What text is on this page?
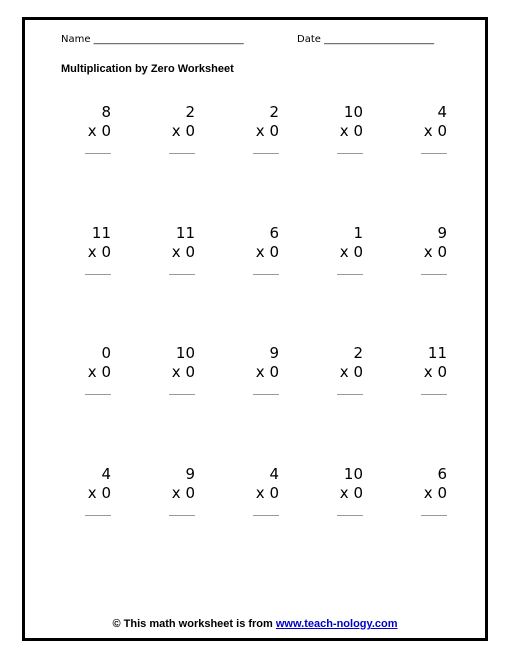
Name ______________________________	Date ______________________
Multiplication by Zero Worksheet
8
x 0
2
x 0
2
x 0
10
x 0
4
x 0
11
x 0
11
x 0
6
x 0
1
x 0
9
x 0
0
x 0
10
x 0
9
x 0
2
x 0
11
x 0
4
x 0
9
x 0
4
x 0
10
x 0
6
x 0
© This math worksheet is from www.teach-nology.com
